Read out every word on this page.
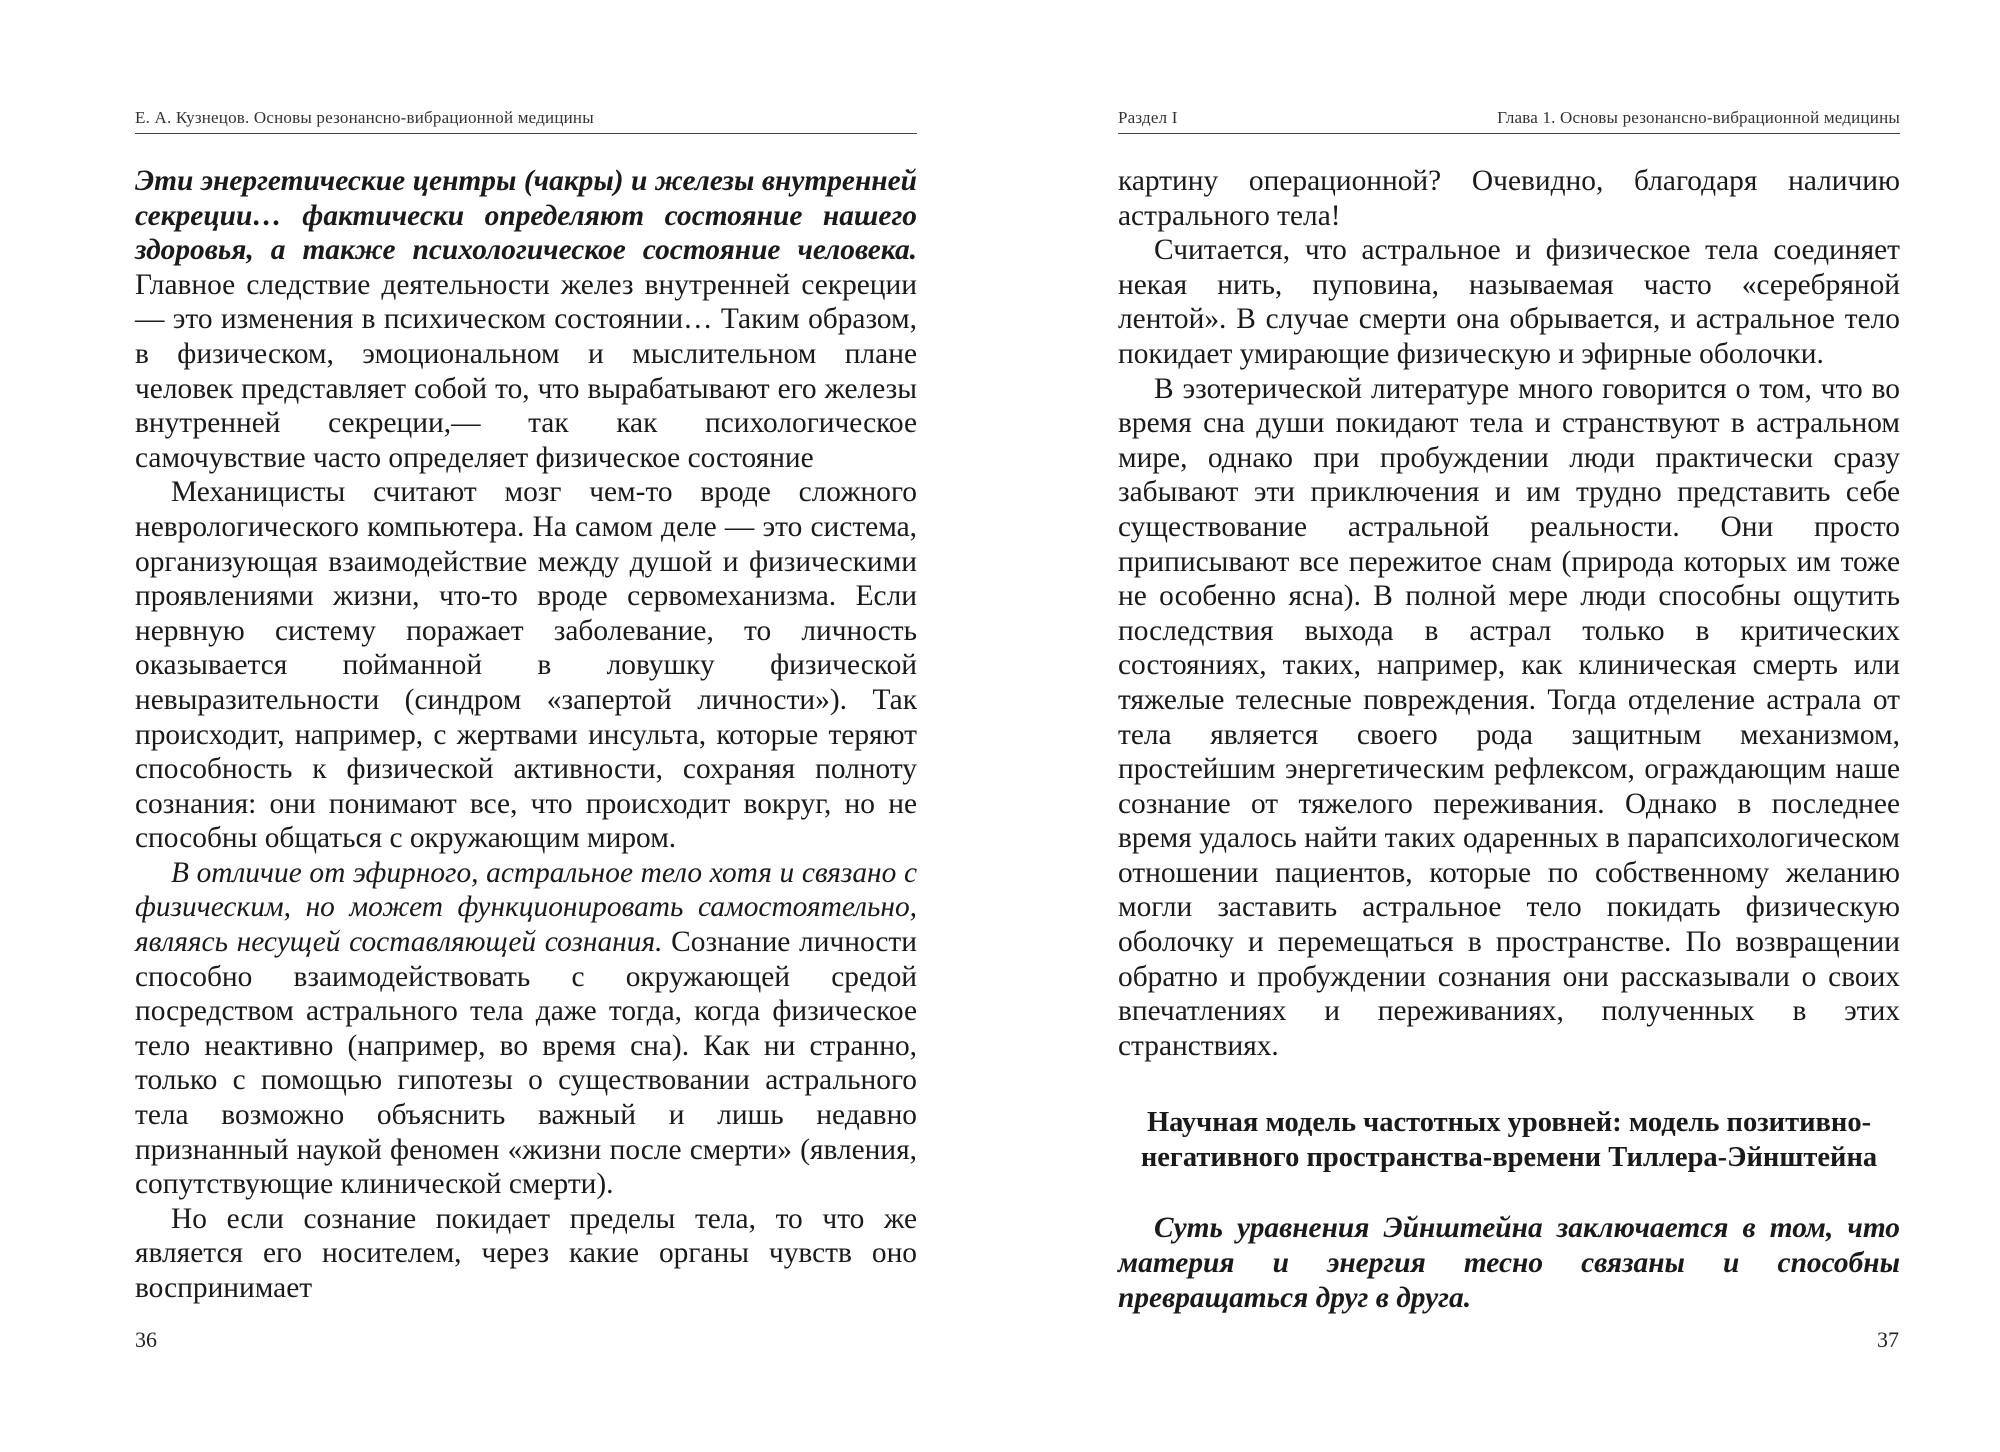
Е. А. Кузнецов. Основы резонансно-вибрационной медицины

Эти энергетические центры (чакры) и железы внутренней секреции… фактически определяют состояние нашего здоровья, а также психологическое состояние человека. Главное следствие деятельности желез внутренней секреции — это изменения в психическом состоянии… Таким образом, в физическом, эмоциональном и мыслительном плане человек представляет собой то, что вырабатывают его железы внутренней секреции,— так как психологическое самочувствие часто определяет физическое состояние

Механицисты считают мозг чем-то вроде сложного неврологического компьютера. На самом деле — это система, организующая взаимодействие между душой и физическими проявлениями жизни, что-то вроде сервомеханизма. Если нервную систему поражает заболевание, то личность оказывается пойманной в ловушку физической невыразительности (синдром «запертой личности»). Так происходит, например, с жертвами инсульта, которые теряют способность к физической активности, сохраняя полноту сознания: они понимают все, что происходит вокруг, но не способны общаться с окружающим миром.

В отличие от эфирного, астральное тело хотя и связано с физическим, но может функционировать самостоятельно, являясь несущей составляющей сознания. Сознание личности способно взаимодействовать с окружающей средой посредством астрального тела даже тогда, когда физическое тело неактивно (например, во время сна). Как ни странно, только с помощью гипотезы о существовании астрального тела возможно объяснить важный и лишь недавно признанный наукой феномен «жизни после смерти» (явления, сопутствующие клинической смерти).

Но если сознание покидает пределы тела, то что же является его носителем, через какие органы чувств оно воспринимает

36
Раздел I	Глава 1. Основы резонансно-вибрационной медицины

картину операционной? Очевидно, благодаря наличию астрального тела!

Считается, что астральное и физическое тела соединяет некая нить, пуповина, называемая часто «серебряной лентой». В случае смерти она обрывается, и астральное тело покидает умирающие физическую и эфирные оболочки.

В эзотерической литературе много говорится о том, что во время сна души покидают тела и странствуют в астральном мире, однако при пробуждении люди практически сразу забывают эти приключения и им трудно представить себе существование астральной реальности. Они просто приписывают все пережитое снам (природа которых им тоже не особенно ясна). В полной мере люди способны ощутить последствия выхода в астрал только в критических состояниях, таких, например, как клиническая смерть или тяжелые телесные повреждения. Тогда отделение астрала от тела является своего рода защитным механизмом, простейшим энергетическим рефлексом, ограждающим наше сознание от тяжелого переживания. Однако в последнее время удалось найти таких одаренных в парапсихологическом отношении пациентов, которые по собственному желанию могли заставить астральное тело покидать физическую оболочку и перемещаться в пространстве. По возвращении обратно и пробуждении сознания они рассказывали о своих впечатлениях и переживаниях, полученных в этих странствиях.

Научная модель частотных уровней: модель позитивно-негативного пространства-времени Тиллера-Эйнштейна

Суть уравнения Эйнштейна заключается в том, что материя и энергия тесно связаны и способны превращаться друг в друга.

37
